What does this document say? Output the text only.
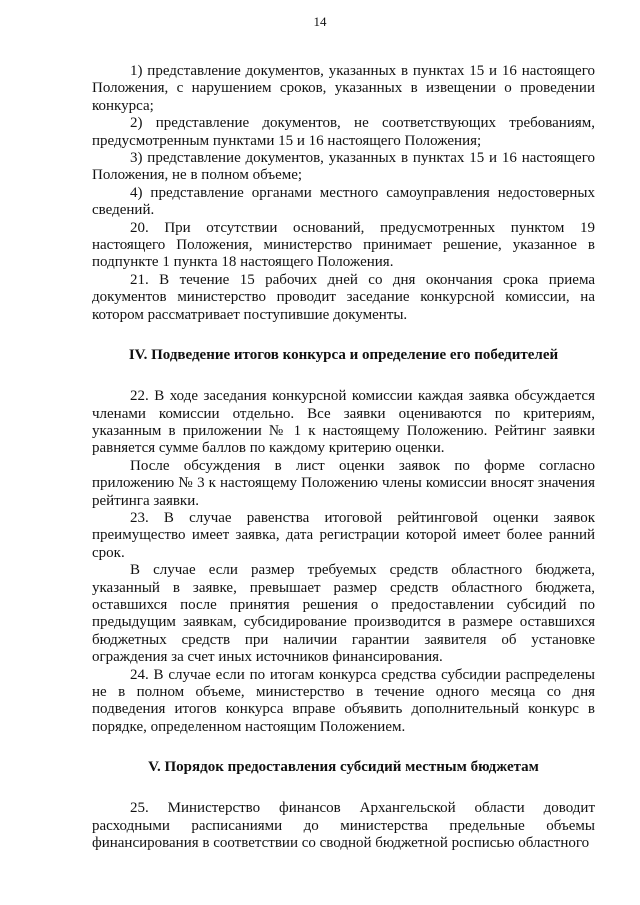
14

1) представление документов, указанных в пунктах 15 и 16 настоящего Положения, с нарушением сроков, указанных в извещении о проведении конкурса;

2) представление документов, не соответствующих требованиям, предусмотренным пунктами 15 и 16 настоящего Положения;

3) представление документов, указанных в пунктах 15 и 16 настоящего Положения, не в полном объеме;

4) представление органами местного самоуправления недостоверных сведений.

20. При отсутствии оснований, предусмотренных пунктом 19 настоящего Положения, министерство принимает решение, указанное в подпункте 1 пункта 18 настоящего Положения.

21. В течение 15 рабочих дней со дня окончания срока приема документов министерство проводит заседание конкурсной комиссии, на котором рассматривает поступившие документы.

IV. Подведение итогов конкурса и определение его победителей

22. В ходе заседания конкурсной комиссии каждая заявка обсуждается членами комиссии отдельно. Все заявки оцениваются по критериям, указанным в приложении № 1 к настоящему Положению. Рейтинг заявки равняется сумме баллов по каждому критерию оценки.

После обсуждения в лист оценки заявок по форме согласно приложению № 3 к настоящему Положению члены комиссии вносят значения рейтинга заявки.

23. В случае равенства итоговой рейтинговой оценки заявок преимущество имеет заявка, дата регистрации которой имеет более ранний срок.

В случае если размер требуемых средств областного бюджета, указанный в заявке, превышает размер средств областного бюджета, оставшихся после принятия решения о предоставлении субсидий по предыдущим заявкам, субсидирование производится в размере оставшихся бюджетных средств при наличии гарантии заявителя об установке ограждения за счет иных источников финансирования.

24. В случае если по итогам конкурса средства субсидии распределены не в полном объеме, министерство в течение одного месяца со дня подведения итогов конкурса вправе объявить дополнительный конкурс в порядке, определенном настоящим Положением.

V. Порядок предоставления субсидий местным бюджетам

25. Министерство финансов Архангельской области доводит расходными расписаниями до министерства предельные объемы финансирования в соответствии со сводной бюджетной росписью областного
